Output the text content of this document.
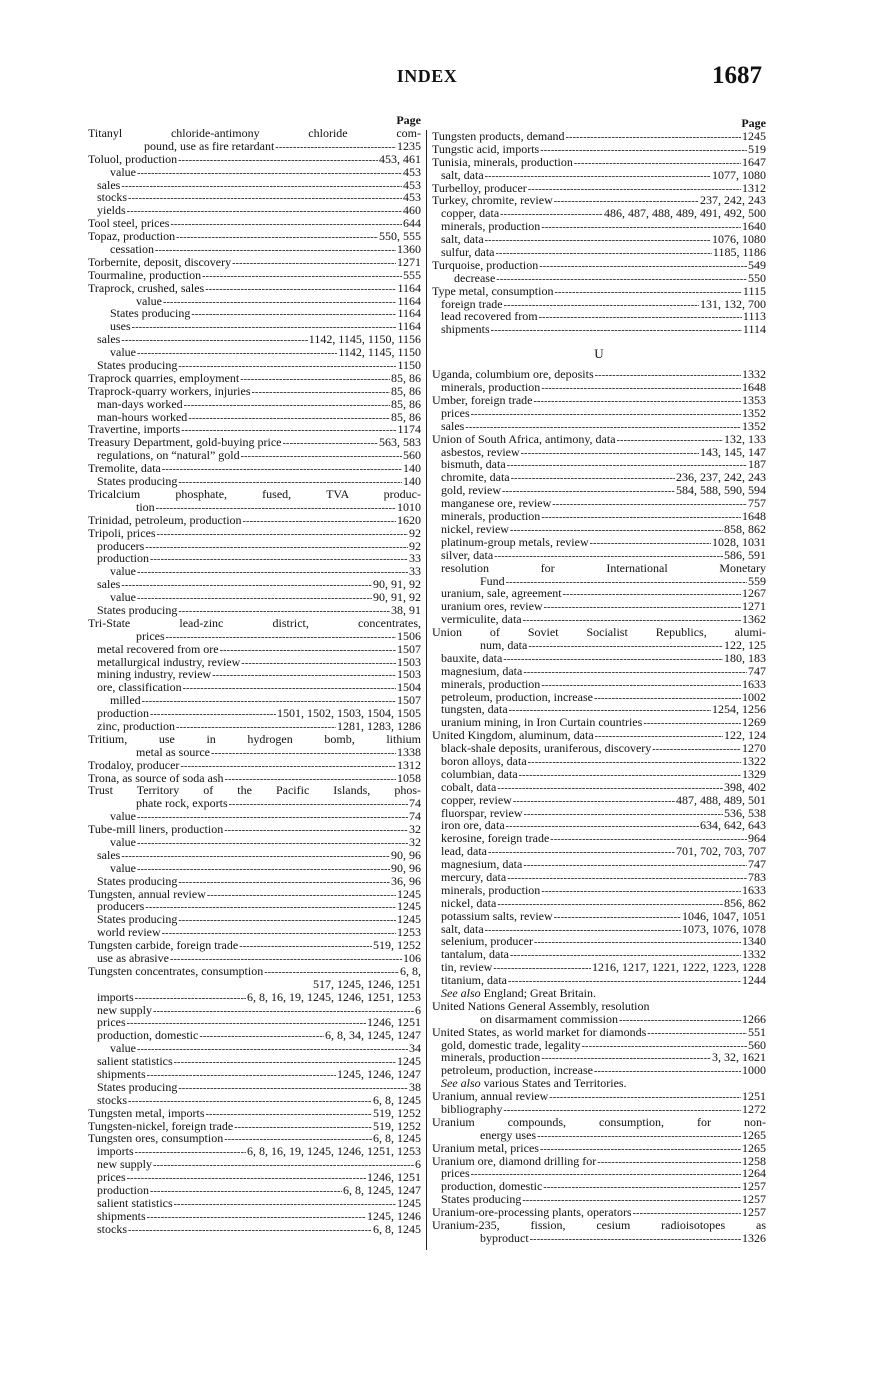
INDEX	1687
Page
Titanyl chloride-antimony chloride com-
pound, use as fire retardant -----	1235
Toluol, production -----	453, 461
value -----	453
sales -----	453
stocks -----	453
yields -----	460
Tool steel, prices -----	644
Topaz, production -----	550, 555
cessation -----	1360
Torbernite, deposit, discovery -----	1271
Tourmaline, production -----	555
Traprock, crushed, sales -----	1164
value -----	1164
States producing -----	1164
uses -----	1164
sales -----	1142, 1145, 1150, 1156
value -----	1142, 1145, 1150
States producing -----	1150
Traprock quarries, employment -----	85, 86
Traprock-quarry workers, injuries -----	85, 86
man-days worked -----	85, 86
man-hours worked -----	85, 86
Travertine, imports -----	1174
Treasury Department, gold-buying price -----	563, 583
regulations, on “natural” gold -----	560
Tremolite, data -----	140
States producing -----	140
Tricalcium phosphate, fused, TVA produc-
tion -----	1010
Trinidad, petroleum, production -----	1620
Tripoli, prices -----	92
producers -----	92
production -----	33
value -----	33
sales -----	90, 91, 92
value -----	90, 91, 92
States producing -----	38, 91
Tri-State lead-zinc district, concentrates,
prices -----	1506
metal recovered from ore -----	1507
metallurgical industry, review -----	1503
mining industry, review -----	1503
ore, classification -----	1504
milled -----	1507
production -----	1501, 1502, 1503, 1504, 1505
zinc, production -----	1281, 1283, 1286
Tritium, use in hydrogen bomb, lithium
metal as source -----	1338
Trodaloy, producer -----	1312
Trona, as source of soda ash -----	1058
Trust Territory of the Pacific Islands, phos-
phate rock, exports -----	74
value -----	74
Tube-mill liners, production -----	32
value -----	32
sales -----	90, 96
value -----	90, 96
States producing -----	36, 96
Tungsten, annual review -----	1245
producers -----	1245
States producing -----	1245
world review -----	1253
Tungsten carbide, foreign trade -----	519, 1252
use as abrasive -----	106
Tungsten concentrates, consumption -----	6, 8,
517, 1245, 1246, 1251
imports -----	6, 8, 16, 19, 1245, 1246, 1251, 1253
new supply -----	6
prices -----	1246, 1251
production, domestic -----	6, 8, 34, 1245, 1247
value -----	34
salient statistics -----	1245
shipments -----	1245, 1246, 1247
States producing -----	38
stocks -----	6, 8, 1245
Tungsten metal, imports -----	519, 1252
Tungsten-nickel, foreign trade -----	519, 1252
Tungsten ores, consumption -----	6, 8, 1245
imports -----	6, 8, 16, 19, 1245, 1246, 1251, 1253
new supply -----	6
prices -----	1246, 1251
production -----	6, 8, 1245, 1247
salient statistics -----	1245
shipments -----	1245, 1246
stocks -----	6, 8, 1245
Page
Tungsten products, demand -----	1245
Tungstic acid, imports -----	519
Tunisia, minerals, production -----	1647
salt, data -----	1077, 1080
Turbelloy, producer -----	1312
Turkey, chromite, review -----	237, 242, 243
copper, data -----	486, 487, 488, 489, 491, 492, 500
minerals, production -----	1640
salt, data -----	1076, 1080
sulfur, data -----	1185, 1186
Turquoise, production -----	549
decrease -----	550
Type metal, consumption -----	1115
foreign trade -----	131, 132, 700
lead recovered from -----	1113
shipments -----	1114
U
Uganda, columbium ore, deposits -----	1332
minerals, production -----	1648
Umber, foreign trade -----	1353
prices -----	1352
sales -----	1352
Union of South Africa, antimony, data -----	132, 133
asbestos, review -----	143, 145, 147
bismuth, data -----	187
chromite, data -----	236, 237, 242, 243
gold, review -----	584, 588, 590, 594
manganese ore, review -----	757
minerals, production -----	1648
nickel, review -----	858, 862
platinum-group metals, review -----	1028, 1031
silver, data -----	586, 591
resolution for International Monetary
Fund -----	559
uranium, sale, agreement -----	1267
uranium ores, review -----	1271
vermiculite, data -----	1362
Union of Soviet Socialist Republics, alumi-
num, data -----	122, 125
bauxite, data -----	180, 183
magnesium, data -----	747
minerals, production -----	1633
petroleum, production, increase -----	1002
tungsten, data -----	1254, 1256
uranium mining, in Iron Curtain countries -----	1269
United Kingdom, aluminum, data -----	122, 124
black-shale deposits, uraniferous, discovery -----	1270
boron alloys, data -----	1322
columbian, data -----	1329
cobalt, data -----	398, 402
copper, review -----	487, 488, 489, 501
fluorspar, review -----	536, 538
iron ore, data -----	634, 642, 643
kerosine, foreign trade -----	964
lead, data -----	701, 702, 703, 707
magnesium, data -----	747
mercury, data -----	783
minerals, production -----	1633
nickel, data -----	856, 862
potassium salts, review -----	1046, 1047, 1051
salt, data -----	1073, 1076, 1078
selenium, producer -----	1340
tantalum, data -----	1332
tin, review -----	1216, 1217, 1221, 1222, 1223, 1228
titanium, data -----	1244
See also England; Great Britain.
United Nations General Assembly, resolution
on disarmament commission -----	1266
United States, as world market for diamonds -----	551
gold, domestic trade, legality -----	560
minerals, production -----	3, 32, 1621
petroleum, production, increase -----	1000
See also various States and Territories.
Uranium, annual review -----	1251
bibliography -----	1272
Uranium compounds, consumption, for non-
energy uses -----	1265
Uranium metal, prices -----	1265
Uranium ore, diamond drilling for -----	1258
prices -----	1264
production, domestic -----	1257
States producing -----	1257
Uranium-ore-processing plants, operators -----	1257
Uranium-235, fission, cesium radioisotopes as
byproduct -----	1326
